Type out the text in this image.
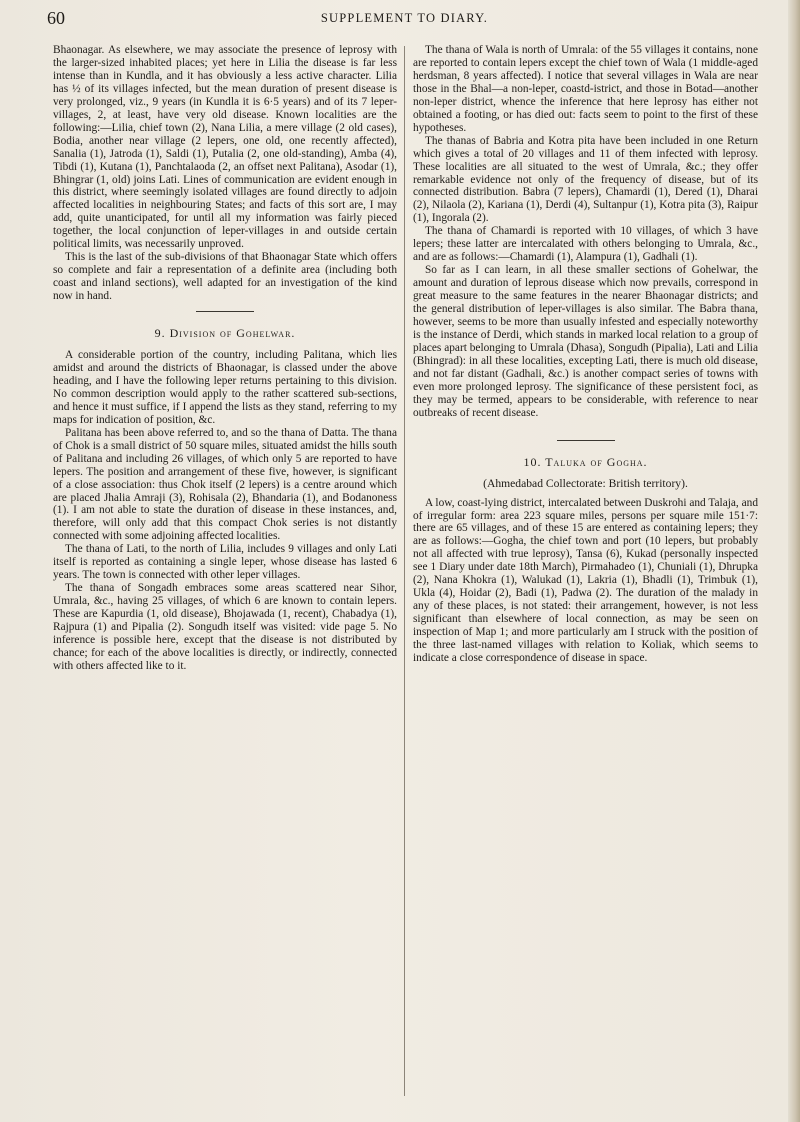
60	SUPPLEMENT TO DIARY.

Bhaonagar. As elsewhere, we may associate the presence of leprosy with the larger-sized inhabited places; yet here in Lilia the disease is far less intense than in Kundla, and it has obviously a less active character. Lilia has ½ of its villages infected, but the mean duration of present disease is very prolonged, viz., 9 years (in Kundla it is 6·5 years) and of its 7 leper-villages, 2, at least, have very old disease. Known localities are the following:—Lilia, chief town (2), Nana Lilia, a mere village (2 old cases), Bodia, another near village (2 lepers, one old, one recently affected), Sanalia (1), Jatroda (1), Saldi (1), Putalia (2, one old-standing), Amba (4), Tibdi (1), Kutana (1), Panchtalaoda (2, an offset next Palitana), Asodar (1), Bhingrar (1, old) joins Lati. Lines of communication are evident enough in this district, where seemingly isolated villages are found directly to adjoin affected localities in neighbouring States; and facts of this sort are, I may add, quite unanticipated, for until all my information was fairly pieced together, the local conjunction of leper-villages in and outside certain political limits, was necessarily unproved.

This is the last of the sub-divisions of that Bhaonagar State which offers so complete and fair a representation of a definite area (including both coast and inland sections), well adapted for an investigation of the kind now in hand.

9. Division of Gohelwar.

A considerable portion of the country, including Palitana, which lies amidst and around the districts of Bhaonagar, is classed under the above heading, and I have the following leper returns pertaining to this division. No common description would apply to the rather scattered sub-sections, and hence it must suffice, if I append the lists as they stand, referring to my maps for indication of position, &c.

Palitana has been above referred to, and so the thana of Datta. The thana of Chok is a small district of 50 square miles, situated amidst the hills south of Palitana and including 26 villages, of which only 5 are reported to have lepers. The position and arrangement of these five, however, is significant of a close association: thus Chok itself (2 lepers) is a centre around which are placed Jhalia Amraji (3), Rohisala (2), Bhandaria (1), and Bodanoness (1). I am not able to state the duration of disease in these instances, and, therefore, will only add that this compact Chok series is not distantly connected with some adjoining affected localities.

The thana of Lati, to the north of Lilia, includes 9 villages and only Lati itself is reported as containing a single leper, whose disease has lasted 6 years. The town is connected with other leper villages.

The thana of Songadh embraces some areas scattered near Sihor, Umrala, &c., having 25 villages, of which 6 are known to contain lepers. These are Kapurdia (1, old disease), Bhojawada (1, recent), Chabadya (1), Rajpura (1) and Pipalia (2). Songudh itself was visited: vide page 5. No inference is possible here, except that the disease is not distributed by chance; for each of the above localities is directly, or indirectly, connected with others affected like to it.

The thana of Wala is north of Umrala: of the 55 villages it contains, none are reported to contain lepers except the chief town of Wala (1 middle-aged herdsman, 8 years affected). I notice that several villages in Wala are near those in the Bhal—a non-leper, coastd-istrict, and those in Botad—another non-leper district, whence the inference that here leprosy has either not obtained a footing, or has died out: facts seem to point to the first of these hypotheses.

The thanas of Babria and Kotra pita have been included in one Return which gives a total of 20 villages and 11 of them infected with leprosy. These localities are all situated to the west of Umrala, &c.; they offer remarkable evidence not only of the frequency of disease, but of its connected distribution. Babra (7 lepers), Chamardi (1), Dered (1), Dharai (2), Nilaola (2), Kariana (1), Derdi (4), Sultanpur (1), Kotra pita (3), Raipur (1), Ingorala (2).

The thana of Chamardi is reported with 10 villages, of which 3 have lepers; these latter are intercalated with others belonging to Umrala, &c., and are as follows:—Chamardi (1), Alampura (1), Gadhali (1).

So far as I can learn, in all these smaller sections of Gohelwar, the amount and duration of leprous disease which now prevails, correspond in great measure to the same features in the nearer Bhaonagar districts; and the general distribution of leper-villages is also similar. The Babra thana, however, seems to be more than usually infested and especially noteworthy is the instance of Derdi, which stands in marked local relation to a group of places apart belonging to Umrala (Dhasa), Songudh (Pipalia), Lati and Lilia (Bhingrad): in all these localities, excepting Lati, there is much old disease, and not far distant (Gadhali, &c.) is another compact series of towns with even more prolonged leprosy. The significance of these persistent foci, as they may be termed, appears to be considerable, with reference to near outbreaks of recent disease.

10. Taluka of Gogha.
(Ahmedabad Collectorate: British territory).

A low, coast-lying district, intercalated between Duskrohi and Talaja, and of irregular form: area 223 square miles, persons per square mile 151·7: there are 65 villages, and of these 15 are entered as containing lepers; they are as follows:—Gogha, the chief town and port (10 lepers, but probably not all affected with true leprosy), Tansa (6), Kukad (personally inspected see 1 Diary under date 18th March), Pirmahadeo (1), Chuniali (1), Dhrupka (2), Nana Khokra (1), Walukad (1), Lakria (1), Bhadli (1), Trimbuk (1), Ukla (4), Hoidar (2), Badi (1), Padwa (2). The duration of the malady in any of these places, is not stated: their arrangement, however, is not less significant than elsewhere of local connection, as may be seen on inspection of Map 1; and more particularly am I struck with the position of the three last-named villages with relation to Koliak, which seems to indicate a close correspondence of disease in space.
